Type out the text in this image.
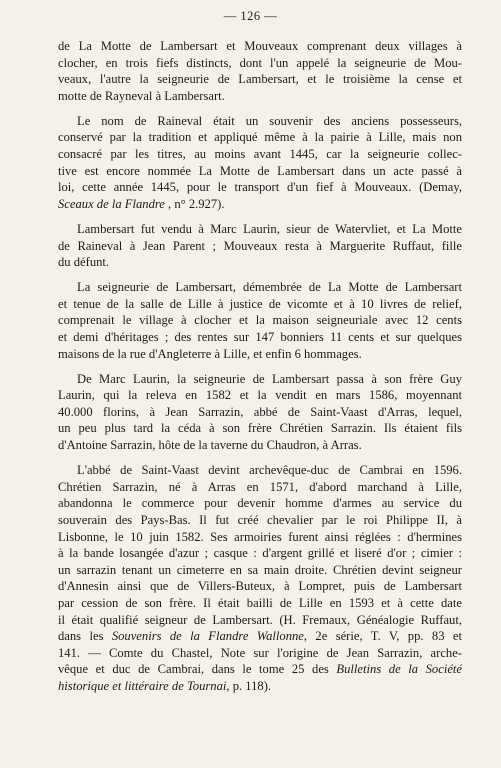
— 126 —
de La Motte de Lambersart et Mouveaux comprenant deux villages à
clocher, en trois fiefs distincts, dont l'un appelé la seigneurie de Mou-
veaux, l'autre la seigneurie de Lambersart, et le troisième la cense et
motte de Rayneval à Lambersart.
Le nom de Raineval était un souvenir des anciens possesseurs,
conservé par la tradition et appliqué même à la pairie à Lille, mais non
consacré par les titres, au moins avant 1445, car la seigneurie collec-
tive est encore nommée La Motte de Lambersart dans un acte passé à
loi, cette année 1445, pour le transport d'un fief à Mouveaux. (Demay,
Sceaux de la Flandre , n° 2.927).
Lambersart fut vendu à Marc Laurin, sieur de Watervliet, et La Motte
de Raineval à Jean Parent ; Mouveaux resta à Marguerite Ruffaut, fille
du défunt.
La seigneurie de Lambersart, démembrée de La Motte de Lambersart
et tenue de la salle de Lille à justice de vicomte et à 10 livres de relief,
comprenait le village à clocher et la maison seigneuriale avec 12 cents
et demi d'héritages ; des rentes sur 147 bonniers 11 cents et sur quelques
maisons de la rue d'Angleterre à Lille, et enfin 6 hommages.
De Marc Laurin, la seigneurie de Lambersart passa à son frère Guy
Laurin, qui la releva en 1582 et la vendit en mars 1586, moyennant
40.000 florins, à Jean Sarrazin, abbé de Saint-Vaast d'Arras, lequel,
un peu plus tard la céda à son frère Chrétien Sarrazin. Ils étaient fils
d'Antoine Sarrazin, hôte de la taverne du Chaudron, à Arras.
L'abbé de Saint-Vaast devint archevêque-duc de Cambrai en 1596.
Chrétien Sarrazin, né à Arras en 1571, d'abord marchand à Lille,
abandonna le commerce pour devenir homme d'armes au service du
souverain des Pays-Bas. Il fut créé chevalier par le roi Philippe II, à
Lisbonne, le 10 juin 1582. Ses armoiries furent ainsi réglées : d'hermines
à la bande losangée d'azur ; casque : d'argent grillé et liseré d'or ; cimier :
un sarrazin tenant un cimeterre en sa main droite. Chrétien devint seigneur
d'Annesin ainsi que de Villers-Buteux, à Lompret, puis de Lambersart
par cession de son frère. Il était bailli de Lille en 1593 et à cette date
il était qualifié seigneur de Lambersart. (H. Fremaux, Généalogie Ruffaut,
dans les Souvenirs de la Flandre Wallonne, 2e série, T. V, pp. 83 et
141. — Comte du Chastel, Note sur l'origine de Jean Sarrazin, arche-
vêque et duc de Cambrai, dans le tome 25 des Bulletins de la Société
historique et littéraire de Tournai, p. 118).
